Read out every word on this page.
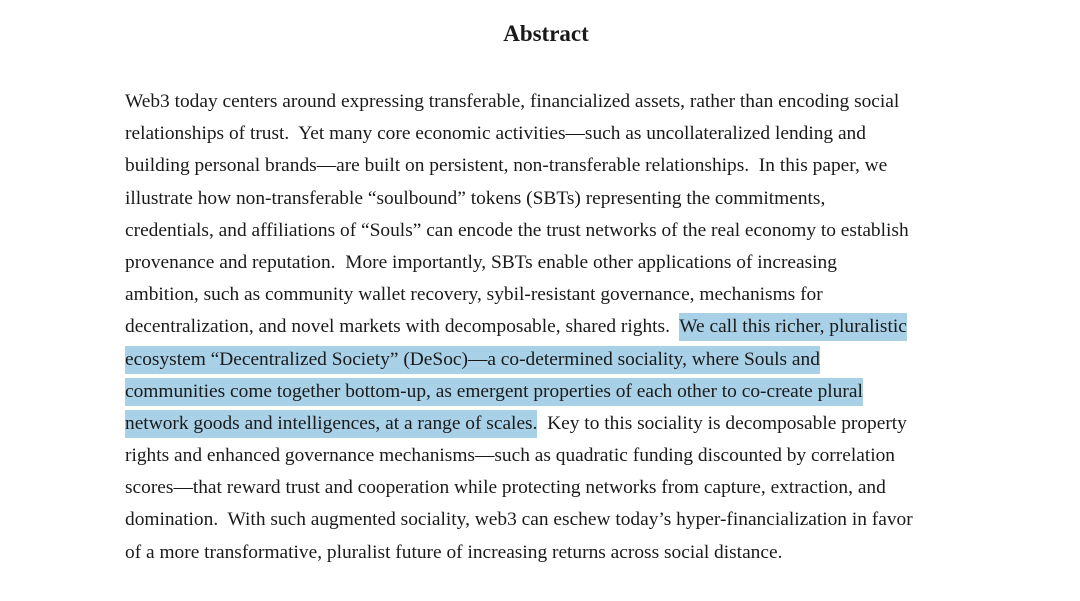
Abstract
Web3 today centers around expressing transferable, financialized assets, rather than encoding social
relationships of trust.  Yet many core economic activities—such as uncollateralized lending and
building personal brands—are built on persistent, non-transferable relationships.  In this paper, we
illustrate how non-transferable “soulbound” tokens (SBTs) representing the commitments,
credentials, and affiliations of “Souls” can encode the trust networks of the real economy to establish
provenance and reputation.  More importantly, SBTs enable other applications of increasing
ambition, such as community wallet recovery, sybil-resistant governance, mechanisms for
decentralization, and novel markets with decomposable, shared rights.  We call this richer, pluralistic
ecosystem “Decentralized Society” (DeSoc)—a co-determined sociality, where Souls and
communities come together bottom-up, as emergent properties of each other to co-create plural
network goods and intelligences, at a range of scales.  Key to this sociality is decomposable property
rights and enhanced governance mechanisms—such as quadratic funding discounted by correlation
scores—that reward trust and cooperation while protecting networks from capture, extraction, and
domination.  With such augmented sociality, web3 can eschew today’s hyper-financialization in favor
of a more transformative, pluralist future of increasing returns across social distance.
